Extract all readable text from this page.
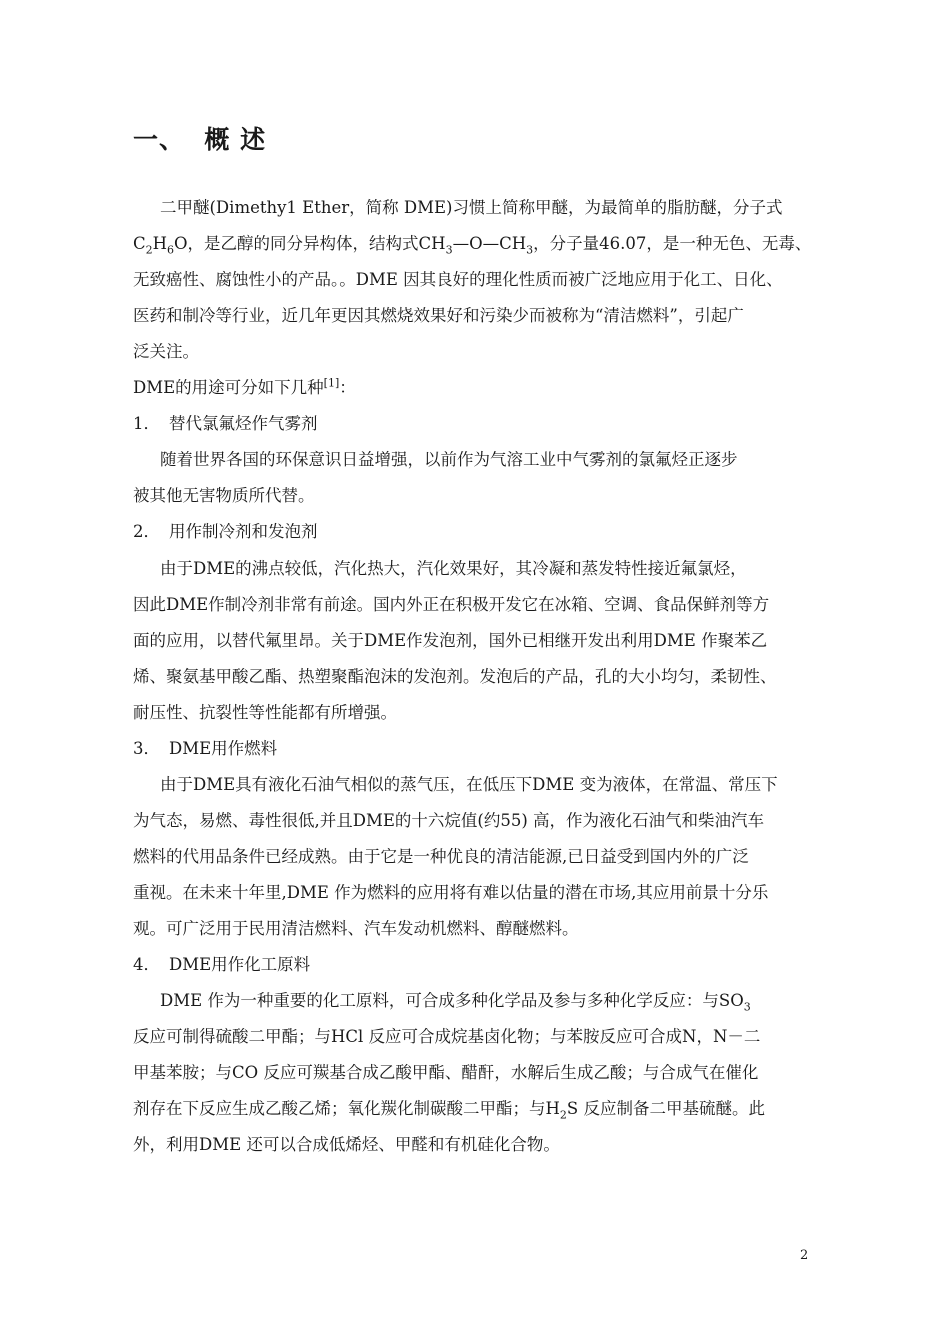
一、  概 述
二甲醚(Dimethy1 Ether，简称 DME)习惯上简称甲醚，为最简单的脂肪醚，分子式
$C_2H_6O$，是乙醇的同分异构体，结构式$CH_3—O—CH_3$，分子量46.07，是一种无色、无毒、
无致癌性、腐蚀性小的产品。。DME 因其良好的理化性质而被广泛地应用于化工、日化、
医药和制冷等行业，近几年更因其燃烧效果好和污染少而被称为“清洁燃料”，引起广
泛关注。
DME的用途可分如下几种[1]：
1． 替代氯氟烃作气雾剂
随着世界各国的环保意识日益增强，以前作为气溶工业中气雾剂的氯氟烃正逐步
被其他无害物质所代替。
2． 用作制冷剂和发泡剂
由于DME的沸点较低，汽化热大，汽化效果好，其冷凝和蒸发特性接近氟氯烃，
因此DME作制冷剂非常有前途。国内外正在积极开发它在冰箱、空调、食品保鲜剂等方
面的应用，以替代氟里昂。关于DME作发泡剂，国外已相继开发出利用DME 作聚苯乙
烯、聚氨基甲酸乙酯、热塑聚酯泡沫的发泡剂。发泡后的产品，孔的大小均匀，柔韧性、
耐压性、抗裂性等性能都有所增强。
3． DME用作燃料
由于DME具有液化石油气相似的蒸气压，在低压下DME 变为液体，在常温、常压下
为气态，易燃、毒性很低,并且DME的十六烷值(约55) 高，作为液化石油气和柴油汽车
燃料的代用品条件已经成熟。由于它是一种优良的清洁能源,已日益受到国内外的广泛
重视。在未来十年里,DME 作为燃料的应用将有难以估量的潜在市场,其应用前景十分乐
观。可广泛用于民用清洁燃料、汽车发动机燃料、醇醚燃料。
4． DME用作化工原料
DME 作为一种重要的化工原料，可合成多种化学品及参与多种化学反应：与$SO_3$
反应可制得硫酸二甲酯；与HCl 反应可合成烷基卤化物；与苯胺反应可合成N，N－二
甲基苯胺；与CO 反应可羰基合成乙酸甲酯、醋酐，水解后生成乙酸；与合成气在催化
剂存在下反应生成乙酸乙烯；氧化羰化制碳酸二甲酯；与$H_2S$ 反应制备二甲基硫醚。此
外，利用DME 还可以合成低烯烃、甲醛和有机硅化合物。
2
